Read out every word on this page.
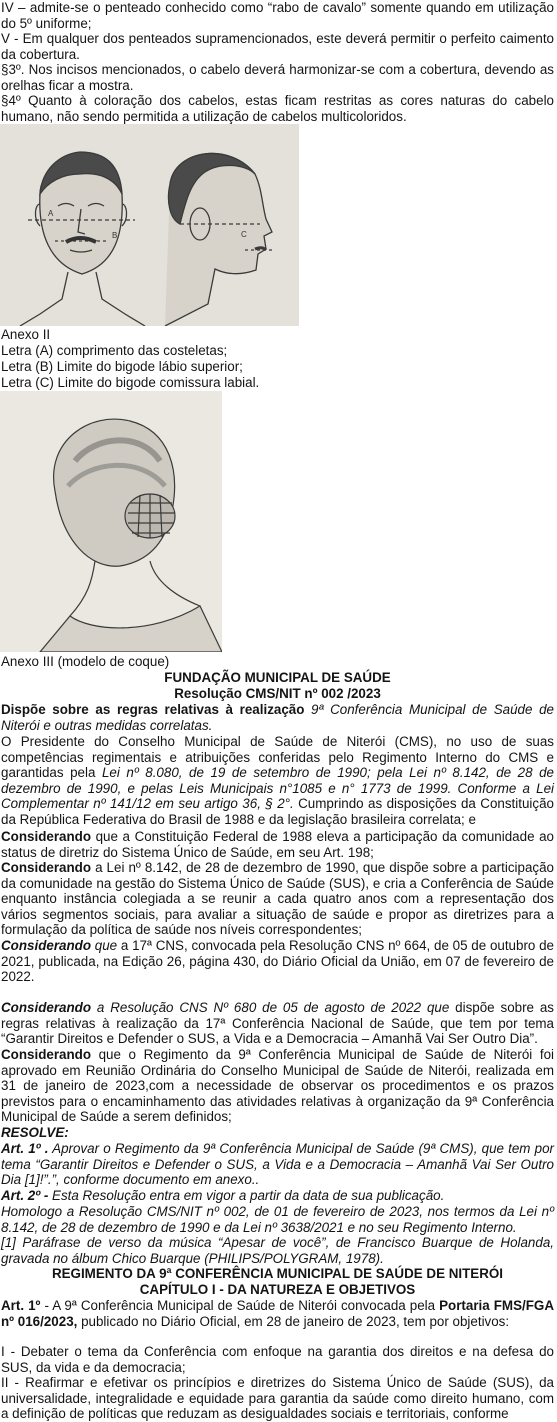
IV – admite-se o penteado conhecido como “rabo de cavalo” somente quando em utilização do 5º uniforme;

V - Em qualquer dos penteados supramencionados, este deverá permitir o perfeito caimento da cobertura.

§3º. Nos incisos mencionados, o cabelo deverá harmonizar-se com a cobertura, devendo as orelhas ficar a mostra.

§4º Quanto à coloração dos cabelos, estas ficam restritas as cores naturas do cabelo humano, não sendo permitida a utilização de cabelos multicoloridos.

A
B	C

Anexo II

Letra (A) comprimento das costeletas;

Letra (B) Limite do bigode lábio superior;

Letra (C) Limite do bigode comissura labial.

Anexo III (modelo de coque)

FUNDAÇÃO MUNICIPAL DE SAÚDE

Resolução CMS/NIT nº 002 /2023

Dispõe sobre as regras relativas à realização 9ª Conferência Municipal de Saúde de Niterói e outras medidas correlatas.

O Presidente do Conselho Municipal de Saúde de Niterói (CMS), no uso de suas competências regimentais e atribuições conferidas pelo Regimento Interno do CMS e garantidas pela Lei nº 8.080, de 19 de setembro de 1990; pela Lei nº 8.142, de 28 de dezembro de 1990, e pelas Leis Municipais n°1085 e n° 1773 de 1999. Conforme a Lei Complementar nº 141/12 em seu artigo 36, § 2°. Cumprindo as disposições da Constituição da República Federativa do Brasil de 1988 e da legislação brasileira correlata; e

Considerando que a Constituição Federal de 1988 eleva a participação da comunidade ao status de diretriz do Sistema Único de Saúde, em seu Art. 198;

Considerando a Lei nº 8.142, de 28 de dezembro de 1990, que dispõe sobre a participação da comunidade na gestão do Sistema Único de Saúde (SUS), e cria a Conferência de Saúde enquanto instância colegiada a se reunir a cada quatro anos com a representação dos vários segmentos sociais, para avaliar a situação de saúde e propor as diretrizes para a formulação da política de saúde nos níveis correspondentes;

Considerando que a 17ª CNS, convocada pela Resolução CNS nº 664, de 05 de outubro de 2021, publicada, na Edição 26, página 430, do Diário Oficial da União, em 07 de fevereiro de 2022.

Considerando a Resolução CNS Nº 680 de 05 de agosto de 2022 que dispõe sobre as regras relativas à realização da 17ª Conferência Nacional de Saúde, que tem por tema “Garantir Direitos e Defender o SUS, a Vida e a Democracia – Amanhã Vai Ser Outro Dia”.

Considerando que o Regimento da 9ª Conferência Municipal de Saúde de Niterói foi aprovado em Reunião Ordinária do Conselho Municipal de Saúde de Niterói, realizada em 31 de janeiro de 2023,com a necessidade de observar os procedimentos e os prazos previstos para o encaminhamento das atividades relativas à organização da 9ª Conferência Municipal de Saúde a serem definidos;

RESOLVE:

Art. 1º . Aprovar o Regimento da 9ª Conferência Municipal de Saúde (9ª CMS), que tem por tema “Garantir Direitos e Defender o SUS, a Vida e a Democracia – Amanhã Vai Ser Outro Dia [1]!”.”, conforme documento em anexo..

Art. 2º - Esta Resolução entra em vigor a partir da data de sua publicação.

Homologo a Resolução CMS/NIT nº 002, de 01 de fevereiro de 2023, nos termos da Lei nº 8.142, de 28 de dezembro de 1990 e da Lei nº 3638/2021 e no seu Regimento Interno.

[1] Paráfrase de verso da música “Apesar de você”, de Francisco Buarque de Holanda, gravada no álbum Chico Buarque (PHILIPS/POLYGRAM, 1978).

REGIMENTO DA 9ª CONFERÊNCIA MUNICIPAL DE SAÚDE DE NITERÓI

CAPÍTULO I - DA NATUREZA E OBJETIVOS

Art. 1º - A 9ª Conferência Municipal de Saúde de Niterói convocada pela Portaria FMS/FGA nº 016/2023, publicado no Diário Oficial, em 28 de janeiro de 2023, tem por objetivos:

I - Debater o tema da Conferência com enfoque na garantia dos direitos e na defesa do SUS, da vida e da democracia;

II - Reafirmar e efetivar os princípios e diretrizes do Sistema Único de Saúde (SUS), da universalidade, integralidade e equidade para garantia da saúde como direito humano, com a definição de políticas que reduzam as desigualdades sociais e territoriais, conforme
